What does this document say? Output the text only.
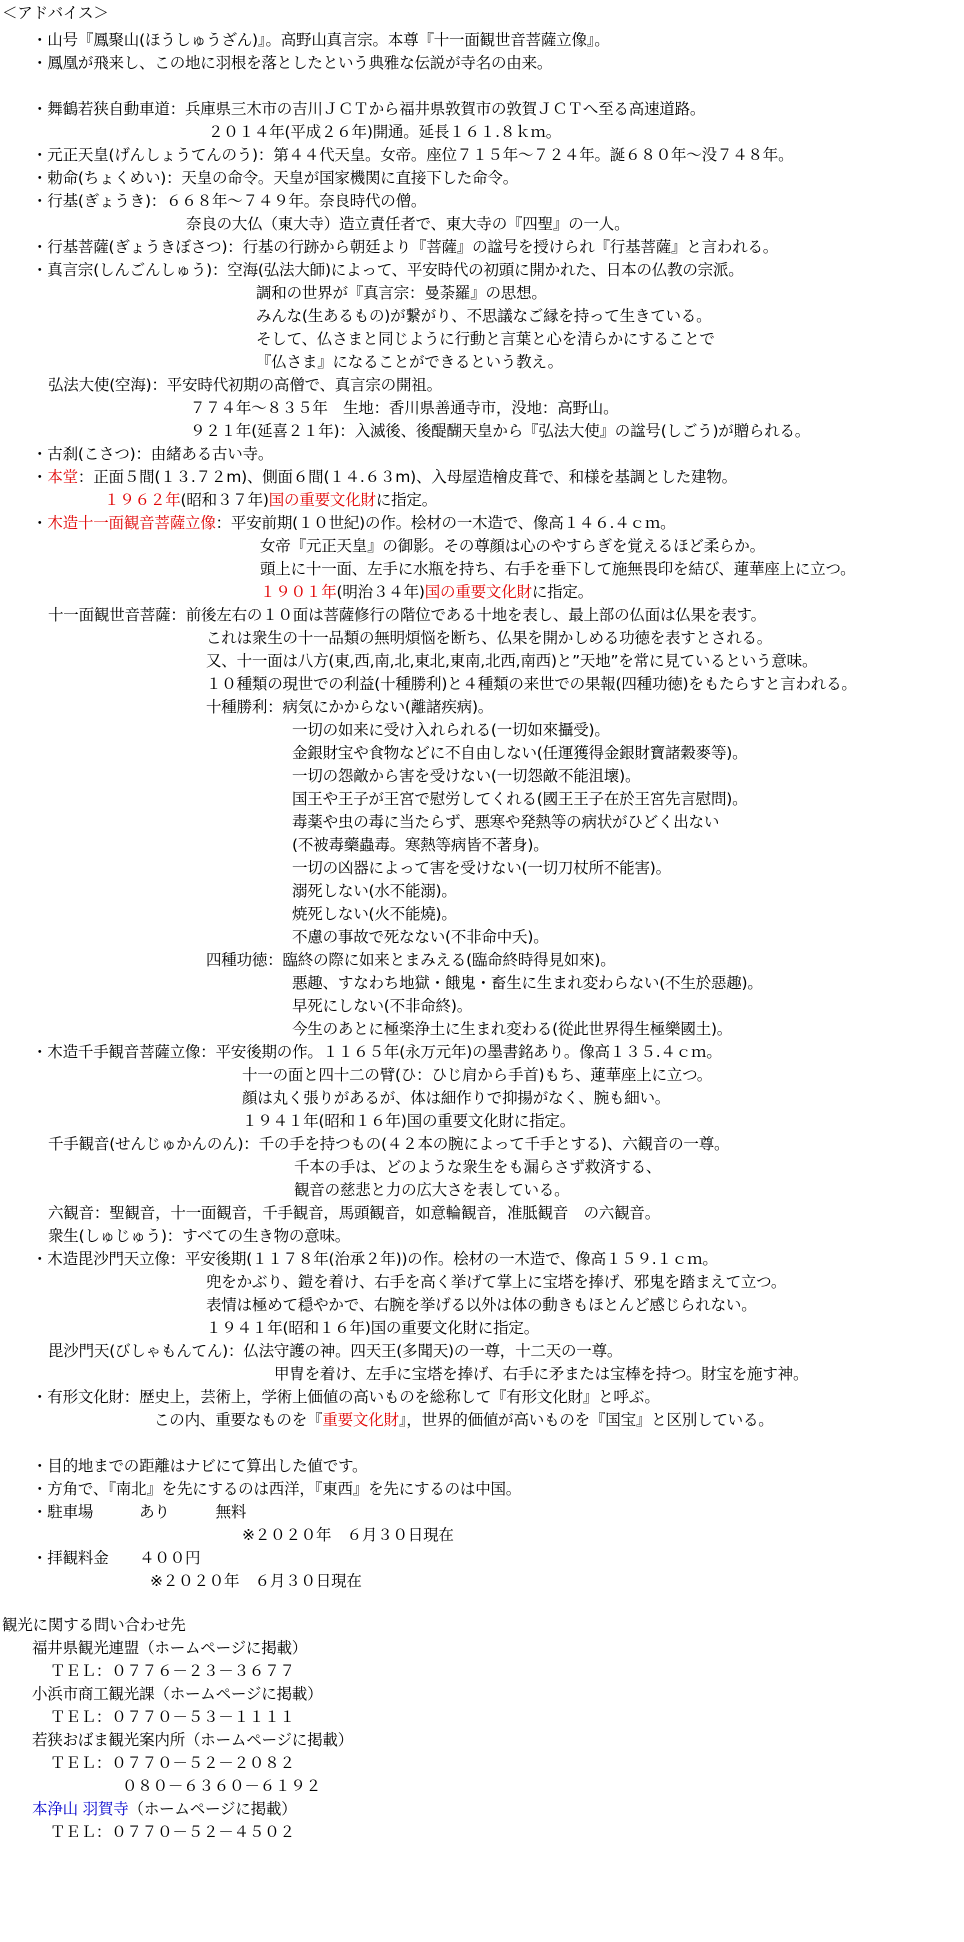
＜アドバイス＞
・山号『鳳聚山(ほうしゅうざん)』。高野山真言宗。本尊『十一面観世音菩薩立像』。
・鳳凰が飛来し、この地に羽根を落としたという典雅な伝説が寺名の由来。
・舞鶴若狭自動車道：兵庫県三木市の吉川ＪＣＴから福井県敦賀市の敦賀ＪＣＴへ至る高速道路。
２０１４年(平成２６年)開通。延長１６１.８ｋｍ。
・元正天皇(げんしょうてんのう)：第４４代天皇。女帝。座位７１５年～７２４年。誕６８０年～没７４８年。
・勅命(ちょくめい)：天皇の命令。天皇が国家機関に直接下した命令。
・行基(ぎょうき)：６６８年～７４９年。奈良時代の僧。
奈良の大仏（東大寺）造立責任者で、東大寺の『四聖』の一人。
・行基菩薩(ぎょうきぼさつ)：行基の行跡から朝廷より『菩薩』の諡号を授けられ『行基菩薩』と言われる。
・真言宗(しんごんしゅう)：空海(弘法大師)によって、平安時代の初頭に開かれた、日本の仏教の宗派。
調和の世界が『真言宗：曼荼羅』の思想。
みんな(生あるもの)が繋がり、不思議なご縁を持って生きている。
そして、仏さまと同じように行動と言葉と心を清らかにすることで
『仏さま』になることができるという教え。
弘法大使(空海)：平安時代初期の高僧で、真言宗の開祖。
７７４年～８３５年　生地：香川県善通寺市，没地：高野山。
９２１年(延喜２１年)：入滅後、後醍醐天皇から『弘法大使』の諡号(しごう)が贈られる。
・古刹(こさつ)：由緒ある古い寺。
・本堂：正面５間(１３.７２m)、側面６間(１４.６３m)、入母屋造檜皮葺で、和様を基調とした建物。
１９６２年(昭和３７年)国の重要文化財に指定。
・木造十一面観音菩薩立像：平安前期(１０世紀)の作。桧材の一木造で、像高１４６.４ｃｍ。
女帝『元正天皇』の御影。その尊顔は心のやすらぎを覚えるほど柔らか。
頭上に十一面、左手に水瓶を持ち、右手を垂下して施無畏印を結び、蓮華座上に立つ。
１９０１年(明治３４年)国の重要文化財に指定。
十一面観世音菩薩：前後左右の１０面は菩薩修行の階位である十地を表し、最上部の仏面は仏果を表す。
これは衆生の十一品類の無明煩悩を断ち、仏果を開かしめる功徳を表すとされる。
又、十一面は八方(東,西,南,北,東北,東南,北西,南西)と”天地”を常に見ているという意味。
１０種類の現世での利益(十種勝利)と４種類の来世での果報(四種功徳)をもたらすと言われる。
十種勝利：病気にかからない(離諸疾病)。
一切の如来に受け入れられる(一切如來攝受)。
金銀財宝や食物などに不自由しない(任運獲得金銀財寶諸穀麥等)。
一切の怨敵から害を受けない(一切怨敵不能沮壞)。
国王や王子が王宮で慰労してくれる(國王王子在於王宮先言慰問)。
毒薬や虫の毒に当たらず、悪寒や発熱等の病状がひどく出ない
(不被毒藥蟲毒。寒熱等病皆不著身)。
一切の凶器によって害を受けない(一切刀杖所不能害)。
溺死しない(水不能溺)。
焼死しない(火不能燒)。
不慮の事故で死なない(不非命中夭)。
四種功徳：臨終の際に如来とまみえる(臨命終時得見如來)。
悪趣、すなわち地獄・餓鬼・畜生に生まれ変わらない(不生於惡趣)。
早死にしない(不非命終)。
今生のあとに極楽浄土に生まれ変わる(從此世界得生極樂國土)。
・木造千手観音菩薩立像：平安後期の作。１１６５年(永万元年)の墨書銘あり。像高１３５.４ｃｍ。
十一の面と四十二の臂(ひ：ひじ肩から手首)もち、蓮華座上に立つ。
顔は丸く張りがあるが、体は細作りで抑揚がなく、腕も細い。
１９４１年(昭和１６年)国の重要文化財に指定。
千手観音(せんじゅかんのん)：千の手を持つもの(４２本の腕によって千手とする)、六観音の一尊。
千本の手は、どのような衆生をも漏らさず救済する、
観音の慈悲と力の広大さを表している。
六観音：聖観音，十一面観音，千手観音，馬頭観音，如意輪観音，准胝観音　の六観音。
衆生(しゅじゅう)：すべての生き物の意味。
・木造毘沙門天立像：平安後期(１１７８年(治承２年))の作。桧材の一木造で、像高１５９.１ｃｍ。
兜をかぶり、鎧を着け、右手を高く挙げて掌上に宝塔を捧げ、邪鬼を踏まえて立つ。
表情は極めて穏やかで、右腕を挙げる以外は体の動きもほとんど感じられない。
１９４１年(昭和１６年)国の重要文化財に指定。
毘沙門天(びしゃもんてん)：仏法守護の神。四天王(多聞天)の一尊，十二天の一尊。
甲冑を着け、左手に宝塔を捧げ、右手に矛または宝棒を持つ。財宝を施す神。
・有形文化財：歴史上，芸術上，学術上価値の高いものを総称して『有形文化財』と呼ぶ。
この内、重要なものを『重要文化財』，世界的価値が高いものを『国宝』と区別している。
・目的地までの距離はナビにて算出した値です。
・方角で、『南北』を先にするのは西洋，『東西』を先にするのは中国。
・駐車場　　　あり　　　無料
※２０２０年　６月３０日現在
・拝観料金　　４００円
※２０２０年　６月３０日現在
観光に関する問い合わせ先
福井県観光連盟（ホームページに掲載）
ＴＥＬ：０７７６－２３－３６７７
小浜市商工観光課（ホームページに掲載）
ＴＥＬ：０７７０－５３－１１１１
若狭おばま観光案内所（ホームページに掲載）
ＴＥＬ：０７７０－５２－２０８２
０８０－６３６０－６１９２
本浄山 羽賀寺（ホームページに掲載）
ＴＥＬ：０７７０－５２－４５０２
